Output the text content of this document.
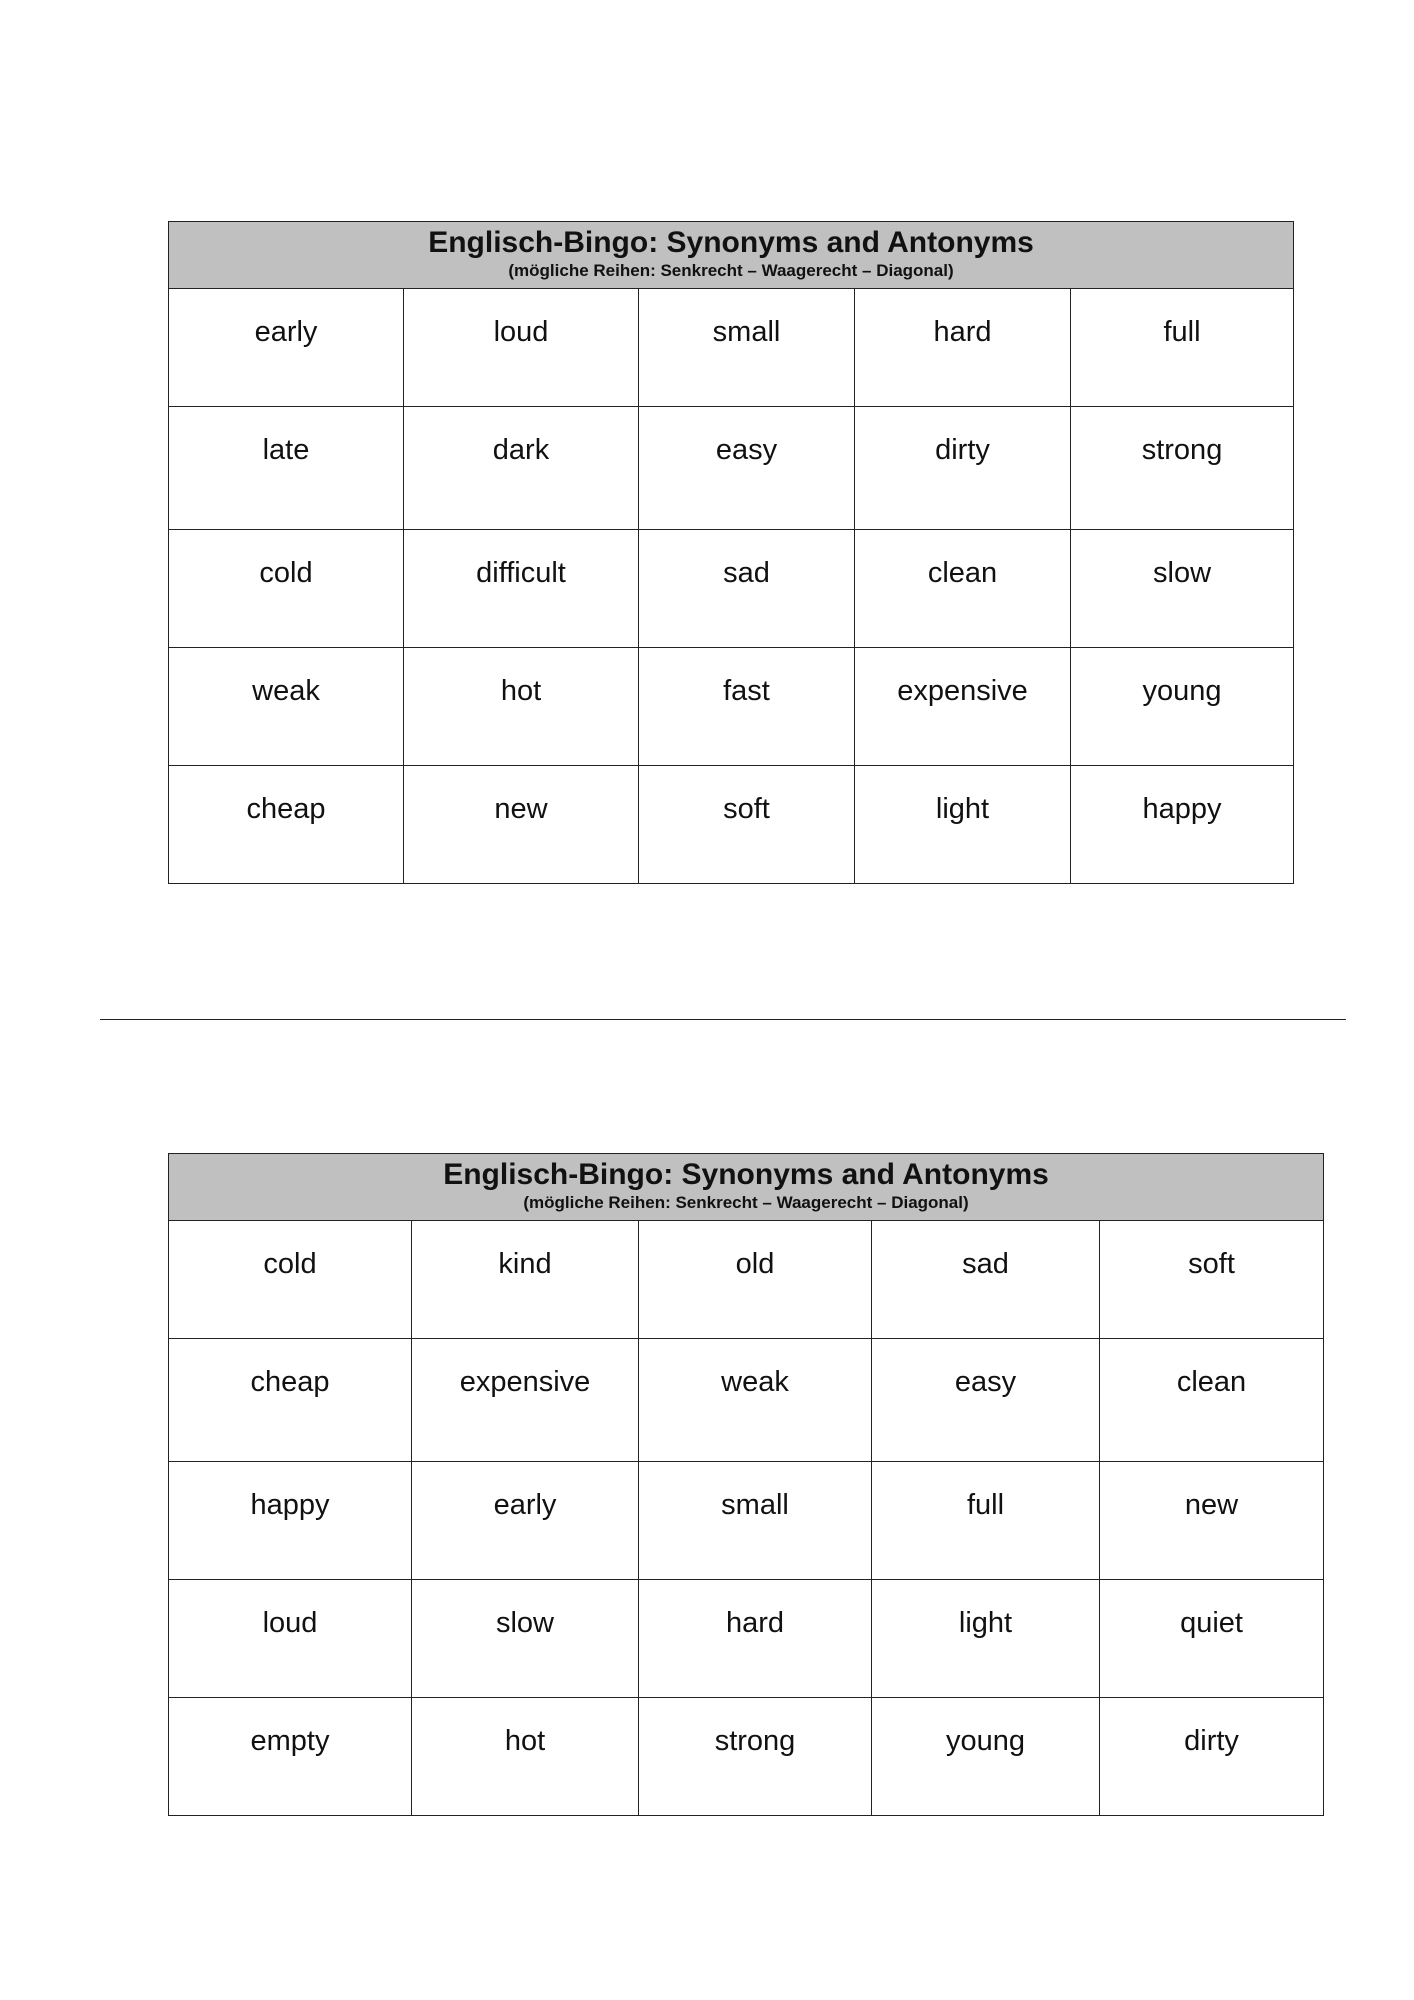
Englisch-Bingo: Synonyms and Antonyms
(mögliche Reihen: Senkrecht – Waagerecht – Diagonal)				

early	loud	small	hard	full

late	dark	easy	dirty	strong

cold	difficult	sad	clean	slow

weak	hot	fast	expensive	young

cheap	new	soft	light	happy
Englisch-Bingo: Synonyms and Antonyms
(mögliche Reihen: Senkrecht – Waagerecht – Diagonal)				

cold	kind	old	sad	soft

cheap	expensive	weak	easy	clean

happy	early	small	full	new

loud	slow	hard	light	quiet

empty	hot	strong	young	dirty
